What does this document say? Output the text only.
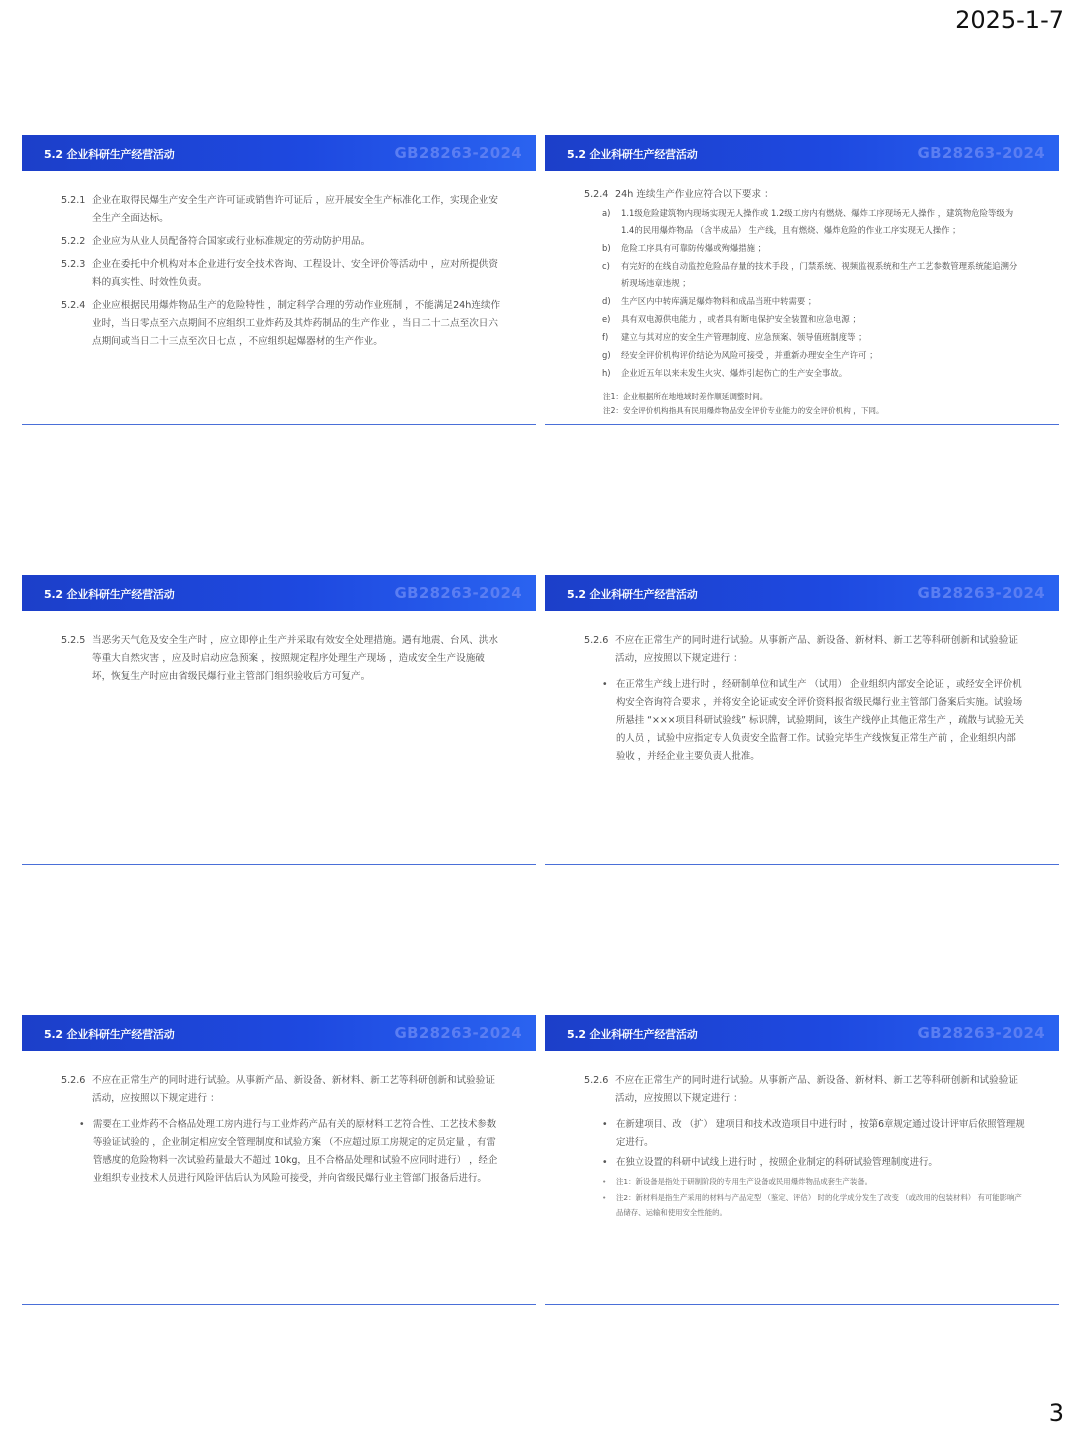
2025-1-7
5.2 企业科研生产经营活动	GB28263-2024

5.2.1 企业在取得民爆生产安全生产许可证或销售许可证后 ，应开展安全生产标准化工作，实现企业安全生产全面达标。

5.2.2 企业应为从业人员配备符合国家或行业标准规定的劳动防护用品。

5.2.3 企业在委托中介机构对本企业进行安全技术咨询、工程设计、安全评价等活动中 ，应对所提供资料的真实性、时效性负责。

5.2.4 企业应根据民用爆炸物品生产的危险特性 ，制定科学合理的劳动作业班制 ，不能满足24h连续作业时，当日零点至六点期间不应组织工业炸药及其炸药制品的生产作业 ，当日二十二点至次日六点期间或当日二十三点至次日七点 ，不应组织起爆器材的生产作业。

5.2 企业科研生产经营活动	GB28263-2024

5.2.4 24h 连续生产作业应符合以下要求 ：

a) 1.1级危险建筑物内现场实现无人操作或 1.2级工房内有燃烧、爆炸工序现场无人操作 ，建筑物危险等级为 1.4的民用爆炸物品 （含半成品） 生产线，且有燃烧、爆炸危险的作业工序实现无人操作 ；

b) 危险工序具有可靠防传爆或殉爆措施 ；

c) 有完好的在线自动监控危险品存量的技术手段 ，门禁系统、视频监视系统和生产工艺参数管理系统能追溯分析现场违章违规 ；

d) 生产区内中转库满足爆炸物料和成品当班中转需要 ；

e) 具有双电源供电能力 ，或者具有断电保护安全装置和应急电源 ；

f) 建立与其对应的安全生产管理制度、应急预案、领导值班制度等 ；

g) 经安全评价机构评价结论为风险可接受 ，并重新办理安全生产许可 ；

h) 企业近五年以来未发生火灾、爆炸引起伤亡的生产安全事故。

注1：企业根据所在地地域时差作顺延调整时间。
注2：安全评价机构指具有民用爆炸物品安全评价专业能力的安全评价机构 ，下同。
5.2 企业科研生产经营活动	GB28263-2024

5.2.5 当恶劣天气危及安全生产时 ，应立即停止生产并采取有效安全处理措施。遇有地震、台风、洪水等重大自然灾害 ，应及时启动应急预案 ，按照规定程序处理生产现场 ，造成安全生产设施破坏，恢复生产时应由省级民爆行业主管部门组织验收后方可复产。

5.2 企业科研生产经营活动	GB28263-2024

5.2.6 不应在正常生产的同时进行试验。从事新产品、新设备、新材料、新工艺等科研创新和试验验证活动，应按照以下规定进行 ：

• 在正常生产线上进行时 ，经研制单位和试生产 （试用） 企业组织内部安全论证 ，或经安全评价机构安全咨询符合要求 ，并将安全论证或安全评价资料报省级民爆行业主管部门备案后实施。试验场所悬挂 “×××项目科研试验线” 标识牌，试验期间，该生产线停止其他正常生产 ，疏散与试验无关的人员 ，试验中应指定专人负责安全监督工作。试验完毕生产线恢复正常生产前 ，企业组织内部验收 ，并经企业主要负责人批准。
5.2 企业科研生产经营活动	GB28263-2024

5.2.6 不应在正常生产的同时进行试验。从事新产品、新设备、新材料、新工艺等科研创新和试验验证活动，应按照以下规定进行 ：

• 需要在工业炸药不合格品处理工房内进行与工业炸药产品有关的原材料工艺符合性、工艺技术参数等验证试验的 ，企业制定相应安全管理制度和试验方案 （不应超过原工房规定的定员定量 ，有雷管感度的危险物料一次试验药量最大不超过 10kg，且不合格品处理和试验不应同时进行） ，经企业组织专业技术人员进行风险评估后认为风险可接受，并向省级民爆行业主管部门报备后进行。
5.2 企业科研生产经营活动	GB28263-2024

5.2.6 不应在正常生产的同时进行试验。从事新产品、新设备、新材料、新工艺等科研创新和试验验证活动，应按照以下规定进行 ：

• 在新建项目、改 （扩） 建项目和技术改造项目中进行时 ，按第6章规定通过设计评审后依照管理规定进行。
• 在独立设置的科研中试线上进行时 ，按照企业制定的科研试验管理制度进行。
• 注1：新设备是指处于研制阶段的专用生产设备或民用爆炸物品成套生产装备。
• 注2：新材料是指生产采用的材料与产品定型 （鉴定、评估） 时的化学成分发生了改变 （或改用的包装材料） 有可能影响产品储存、运输和使用安全性能的。
3
